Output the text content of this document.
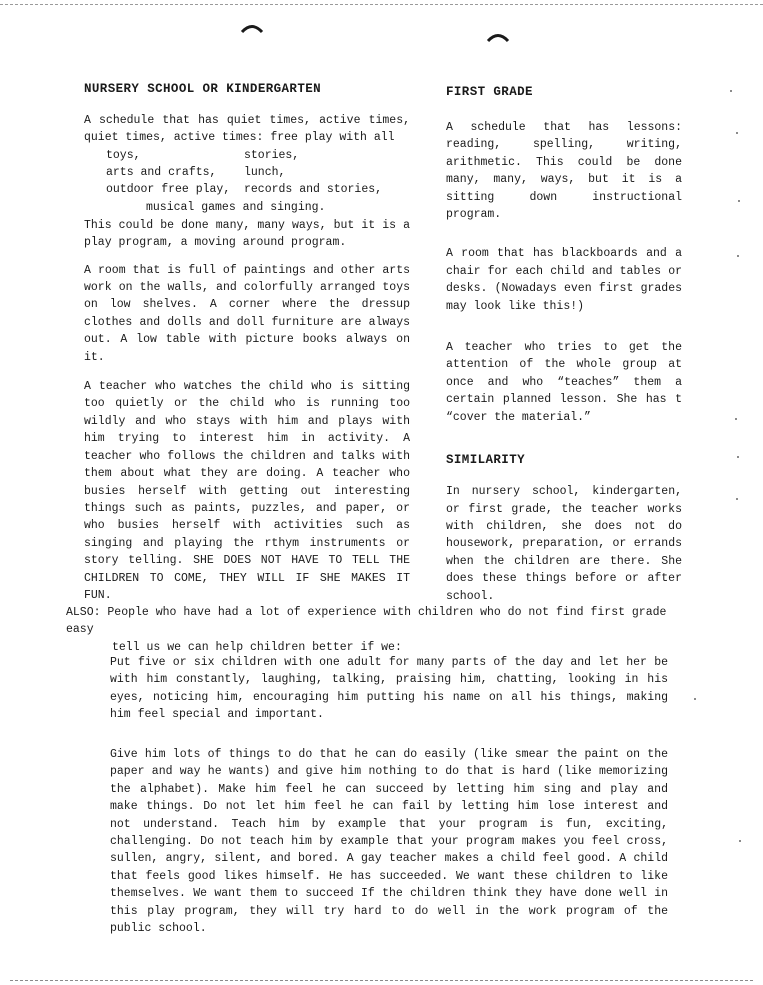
NURSERY SCHOOL OR KINDERGARTEN

A schedule that has quiet times, active times, quiet times, active times: free play with all

toys,	stories,
arts and crafts, lunch,
outdoor free play, records and stories,
musical games and singing.

This could be done many, many ways, but it is a play program, a moving around program.

A room that is full of paintings and other arts work on the walls, and colorfully arranged toys on low shelves. A corner where the dressup clothes and dolls and doll furniture are always out. A low table with picture books always on it.

A teacher who watches the child who is sitting too quietly or the child who is running too wildly and who stays with him and plays with him trying to interest him in activity. A teacher who follows the children and talks with them about what they are doing. A teacher who busies herself with getting out interesting things such as paints, puzzles, and paper, or who busies herself with activities such as singing and playing the rthym instruments or story telling. SHE DOES NOT HAVE TO TELL THE CHILDREN TO COME, THEY WILL IF SHE MAKES IT FUN.

FIRST GRADE

A schedule that has lessons: reading, spelling, writing, arithmetic. This could be done many, many, ways, but it is a sitting down instructional program.

A room that has blackboards and a chair for each child and tables or desks. (Nowadays even first grades may look like this!)

A teacher who tries to get the attention of the whole group at once and who “teaches” them a certain planned lesson. She has t “cover the material.”

SIMILARITY

In nursery school, kindergarten, or first grade, the teacher works with children, she does not do housework, preparation, or errands when the children are there. She does these things before or after school.

ALSO: People who have had a lot of experience with children who do not find first grade easy

tell us we can help children better if we:

Put five or six children with one adult for many parts of the day and let her be with him constantly, laughing, talking, praising him, chatting, looking in his eyes, noticing him, encouraging him putting his name on all his things, making him feel special and important.

Give him lots of things to do that he can do easily (like smear the paint on the paper and way he wants) and give him nothing to do that is hard (like memorizing the alphabet). Make him feel he can succeed by letting him sing and play and make things. Do not let him feel he can fail by letting him lose interest and not understand. Teach him by example that your program is fun, exciting, challenging. Do not teach him by example that your program makes you feel cross, sullen, angry, silent, and bored. A gay teacher makes a child feel good. A child that feels good likes himself. He has succeeded. We want these children to like themselves. We want them to succeed If the children think they have done well in this play program, they will try hard to do well in the work program of the public school.
